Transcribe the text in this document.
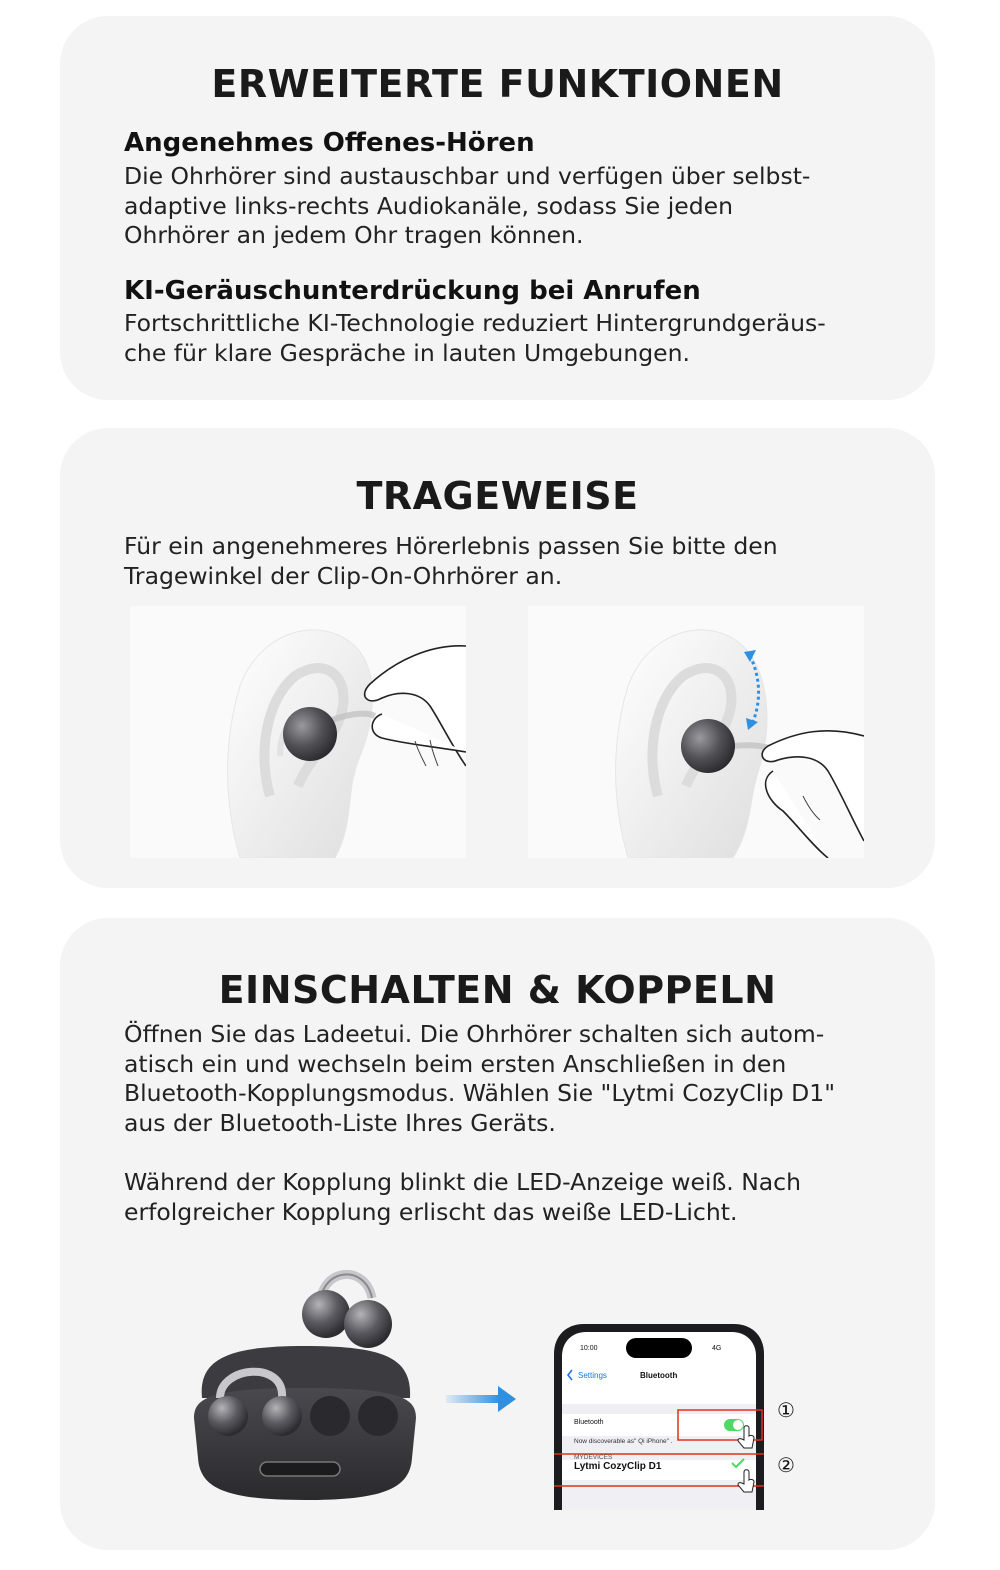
ERWEITERTE FUNKTIONEN
Angenehmes Offenes-Hören
Die Ohrhörer sind austauschbar und verfügen über selbst-
adaptive links-rechts Audiokanäle, sodass Sie jeden
Ohrhörer an jedem Ohr tragen können.
KI-Geräuschunterdrückung bei Anrufen
Fortschrittliche KI-Technologie reduziert Hintergrundgeräus-
che für klare Gespräche in lauten Umgebungen.
TRAGEWEISE
Für ein angenehmeres Hörerlebnis passen Sie bitte den
Tragewinkel der Clip-On-Ohrhörer an.
EINSCHALTEN & KOPPELN
Öffnen Sie das Ladeetui. Die Ohrhörer schalten sich autom-
atisch ein und wechseln beim ersten Anschließen in den
Bluetooth-Kopplungsmodus. Wählen Sie "Lytmi CozyClip D1"
aus der Bluetooth-Liste Ihres Geräts.
Während der Kopplung blinkt die LED-Anzeige weiß. Nach
erfolgreicher Kopplung erlischt das weiße LED-Licht.
10:00	4G
Settings	Bluetooth
Bluetooth
Now discoverable as" Qi iPhone" .
MYDEVICES
Lytmi CozyClip D1
①
②
